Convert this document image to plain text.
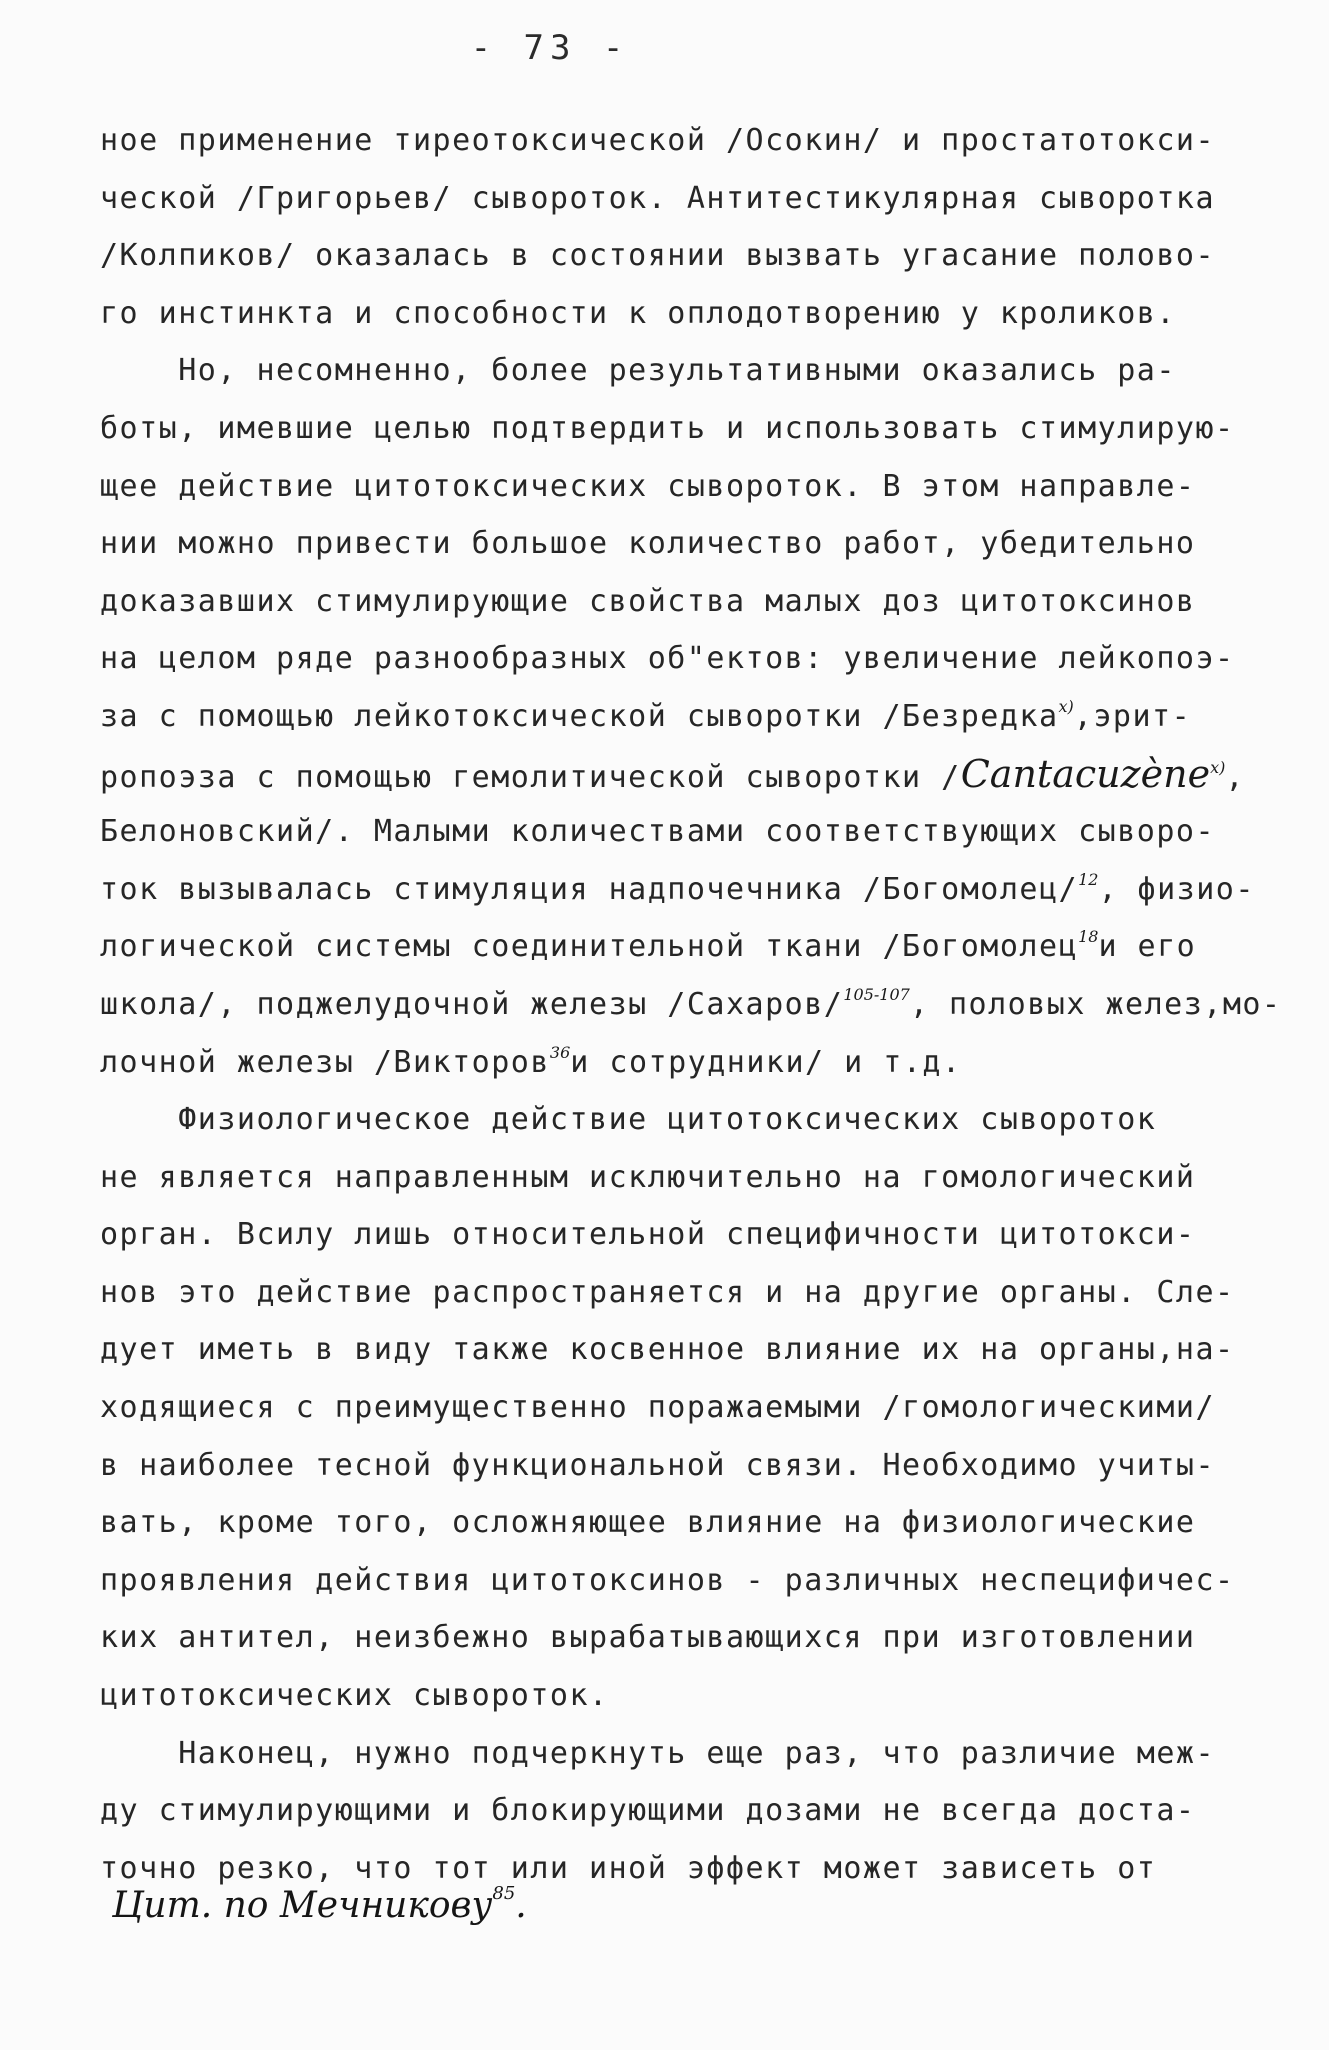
- 73 -
ное применение тиреотоксической /Осокин/ и простатотокси-
ческой /Григорьев/ сывороток. Антитестикулярная сыворотка
/Колпиков/ оказалась в состоянии вызвать угасание полово-
го инстинкта и способности к оплодотворению у кроликов.
Но, несомненно, более результативными оказались ра-
боты, имевшие целью подтвердить и использовать стимулирую-
щее действие цитотоксических сывороток. В этом направле-
нии можно привести большое количество работ, убедительно
доказавших стимулирующие свойства малых доз цитотоксинов
на целом ряде разнообразных об"ектов: увеличение лейкопоэ-
за с помощью лейкотоксической сыворотки /Безредка$^{x)}$,эрит-
ропоэза с помощью гемолитической сыворотки /Cantacuzène$^{x)}$,
Белоновский/. Малыми количествами соответствующих сыворо-
ток вызывалась стимуляция надпочечника /Богомолец/$^{12}$, физио-
логической системы соединительной ткани /Богомолец$^{18}$и его
школа/, поджелудочной железы /Сахаров/$^{105-107}$, половых желез,мо-
лочной железы /Викторов$^{36}$и сотрудники/ и т.д.
Физиологическое действие цитотоксических сывороток
не является направленным исключительно на гомологический
орган. Всилу лишь относительной специфичности цитотокси-
нов это действие распространяется и на другие органы. Сле-
дует иметь в виду также косвенное влияние их на органы,на-
ходящиеся с преимущественно поражаемыми /гомологическими/
в наиболее тесной функциональной связи. Необходимо учиты-
вать, кроме того, осложняющее влияние на физиологические
проявления действия цитотоксинов - различных неспецифичес-
ких антител, неизбежно вырабатывающихся при изготовлении
цитотоксических сывороток.
Наконец, нужно подчеркнуть еще раз, что различие меж-
ду стимулирующими и блокирующими дозами не всегда доста-
точно резко, что тот или иной эффект может зависеть от
Цит. по Мечникову$^{85}$.
